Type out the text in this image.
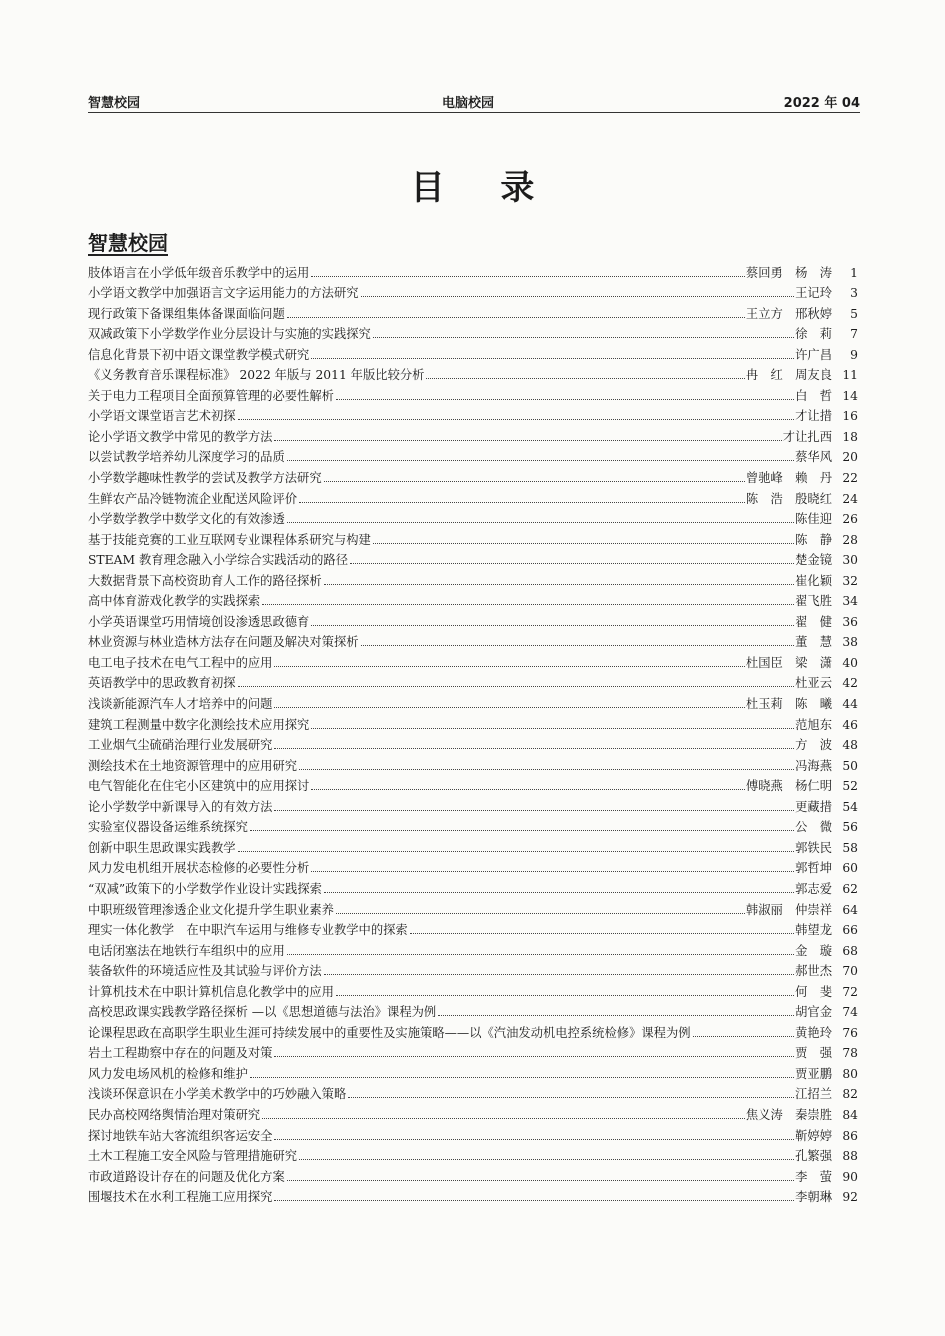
智慧校园	电脑校园	2022 年 04
目 录
智慧校园
肢体语言在小学低年级音乐教学中的运用	蔡回勇　杨　涛	1
小学语文教学中加强语言文字运用能力的方法研究	王记玲	3
现行政策下备课组集体备课面临问题	王立方　邢秋婷	5
双减政策下小学数学作业分层设计与实施的实践探究	徐　莉	7
信息化背景下初中语文课堂教学模式研究	许广昌	9
《义务教育音乐课程标准》 2022 年版与 2011 年版比较分析	冉　红　周友良 11
关于电力工程项目全面预算管理的必要性解析	白　哲 14
小学语文课堂语言艺术初探	才让措 16
论小学语文教学中常见的教学方法	才让扎西 18
以尝试教学培养幼儿深度学习的品质	蔡华风 20
小学数学趣味性教学的尝试及教学方法研究	曾驰峰　赖　丹 22
生鲜农产品冷链物流企业配送风险评价	陈　浩　殷晓红 24
小学数学教学中数学文化的有效渗透	陈佳迎 26
基于技能竞赛的工业互联网专业课程体系研究与构建	陈　静 28
STEAM 教育理念融入小学综合实践活动的路径	楚金镜 30
大数据背景下高校资助育人工作的路径探析	崔化颖 32
高中体育游戏化教学的实践探索	翟飞胜 34
小学英语课堂巧用情境创设渗透思政德育	翟　健 36
林业资源与林业造林方法存在问题及解决对策探析	董　慧 38
电工电子技术在电气工程中的应用	杜国臣　梁　潇 40
英语教学中的思政教育初探	杜亚云 42
浅谈新能源汽车人才培养中的问题	杜玉莉　陈　曦 44
建筑工程测量中数字化测绘技术应用探究	范旭东 46
工业烟气尘硫硝治理行业发展研究	方　波 48
测绘技术在土地资源管理中的应用研究	冯海燕 50
电气智能化在住宅小区建筑中的应用探讨	傅晓燕　杨仁明 52
论小学数学中新课导入的有效方法	更藏措 54
实验室仪器设备运维系统探究	公　微 56
创新中职生思政课实践教学	郭铁民 58
风力发电机组开展状态检修的必要性分析	郭哲坤 60
“双减”政策下的小学数学作业设计实践探索	郭志爱 62
中职班级管理渗透企业文化提升学生职业素养	韩淑丽　仲崇祥 64
理实一体化教学　在中职汽车运用与维修专业教学中的探索	韩望龙 66
电话闭塞法在地铁行车组织中的应用	金　璇 68
装备软件的环境适应性及其试验与评价方法	郝世杰 70
计算机技术在中职计算机信息化教学中的应用	何　斐 72
高校思政课实践教学路径探析 —以《思想道德与法治》课程为例	胡官金 74
论课程思政在高职学生职业生涯可持续发展中的重要性及实施策略——以《汽油发动机电控系统检修》课程为例	黄艳玲 76
岩土工程勘察中存在的问题及对策	贾　强 78
风力发电场风机的检修和维护	贾亚鹏 80
浅谈环保意识在小学美术教学中的巧妙融入策略	江招兰 82
民办高校网络舆情治理对策研究	焦义涛　秦崇胜 84
探讨地铁车站大客流组织客运安全	靳婷婷 86
土木工程施工安全风险与管理措施研究	孔繁强 88
市政道路设计存在的问题及优化方案	李　萤 90
围堰技术在水利工程施工应用探究	李朝琳 92
